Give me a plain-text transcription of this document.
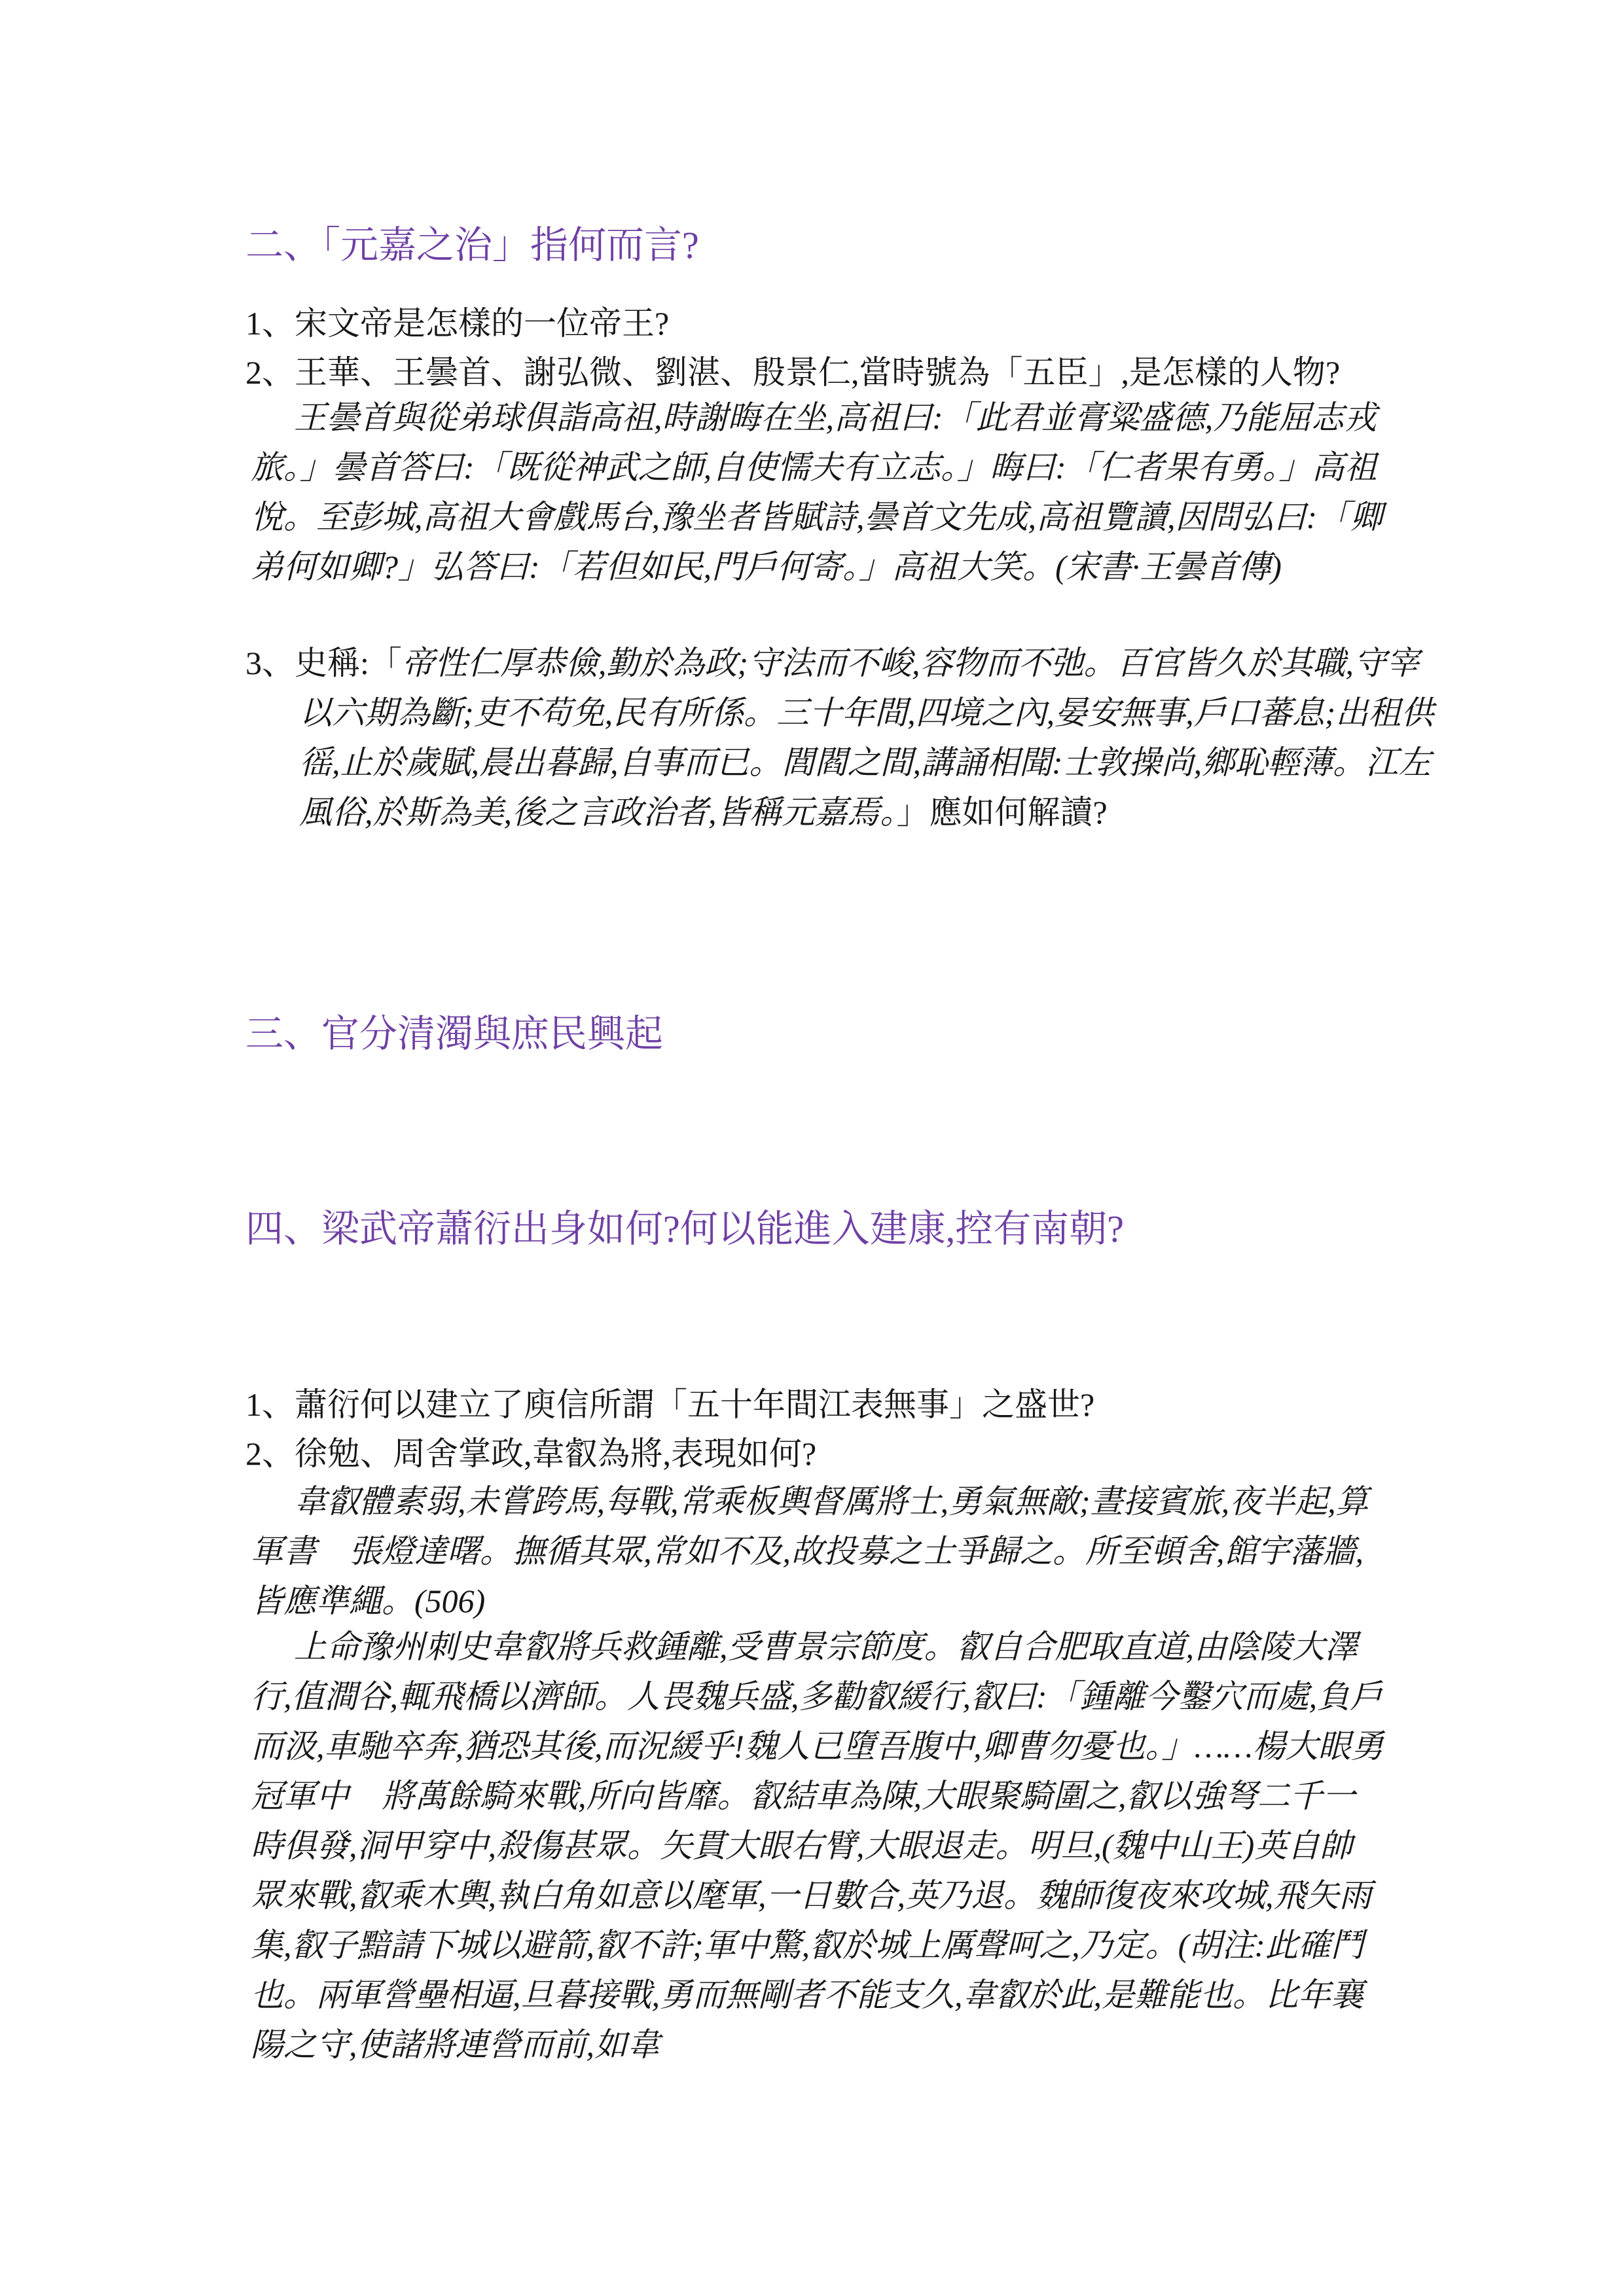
二、「元嘉之治」指何而言?

1、宋文帝是怎樣的一位帝王?

2、王華、王曇首、謝弘微、劉湛、殷景仁,當時號為「五臣」,是怎樣的人物?

王曇首與從弟球俱詣高祖,時謝晦在坐,高祖曰:「此君並膏粱盛德,乃能屈志戎旅。」曇首答曰:「既從神武之師,自使懦夫有立志。」晦曰:「仁者果有勇。」高祖悅。至彭城,高祖大會戲馬台,豫坐者皆賦詩,曇首文先成,高祖覽讀,因問弘曰:「卿弟何如卿?」弘答曰:「若但如民,門戶何寄。」高祖大笑。(宋書·王曇首傳)

3、史稱:「帝性仁厚恭儉,勤於為政;守法而不峻,容物而不弛。百官皆久於其職,守宰以六期為斷;吏不苟免,民有所係。三十年間,四境之內,晏安無事,戶口蕃息;出租供徭,止於歲賦,晨出暮歸,自事而已。閭閻之間,講誦相聞:士敦操尚,鄉恥輕薄。江左風俗,於斯為美,後之言政治者,皆稱元嘉焉。」應如何解讀?

三、官分清濁與庶民興起
四、梁武帝蕭衍出身如何?何以能進入建康,控有南朝?

1、蕭衍何以建立了庾信所謂「五十年間江表無事」之盛世?

2、徐勉、周舍掌政,韋叡為將,表現如何?

韋叡體素弱,未嘗跨馬,每戰,常乘板輿督厲將士,勇氣無敵;晝接賓旅,夜半起,算軍書　張燈達曙。撫循其眾,常如不及,故投募之士爭歸之。所至頓舍,館宇藩牆,皆應準繩。(506)

上命豫州刺史韋叡將兵救鍾離,受曹景宗節度。叡自合肥取直道,由陰陵大澤行,值澗谷,輒飛橋以濟師。人畏魏兵盛,多勸叡緩行,叡曰:「鍾離今鑿穴而處,負戶而汲,車馳卒奔,猶恐其後,而況緩乎!魏人已墮吾腹中,卿曹勿憂也。」……楊大眼勇冠軍中　將萬餘騎來戰,所向皆靡。叡結車為陳,大眼聚騎圍之,叡以強弩二千一時俱發,洞甲穿中,殺傷甚眾。矢貫大眼右臂,大眼退走。明旦,(魏中山王)英自帥眾來戰,叡乘木輿,執白角如意以麾軍,一日數合,英乃退。魏師復夜來攻城,飛矢雨集,叡子黯請下城以避箭,叡不許;軍中驚,叡於城上厲聲呵之,乃定。(胡注:此確鬥也。兩軍營壘相逼,旦暮接戰,勇而無剛者不能支久,韋叡於此,是難能也。比年襄陽之守,使諸將連營而前,如韋
